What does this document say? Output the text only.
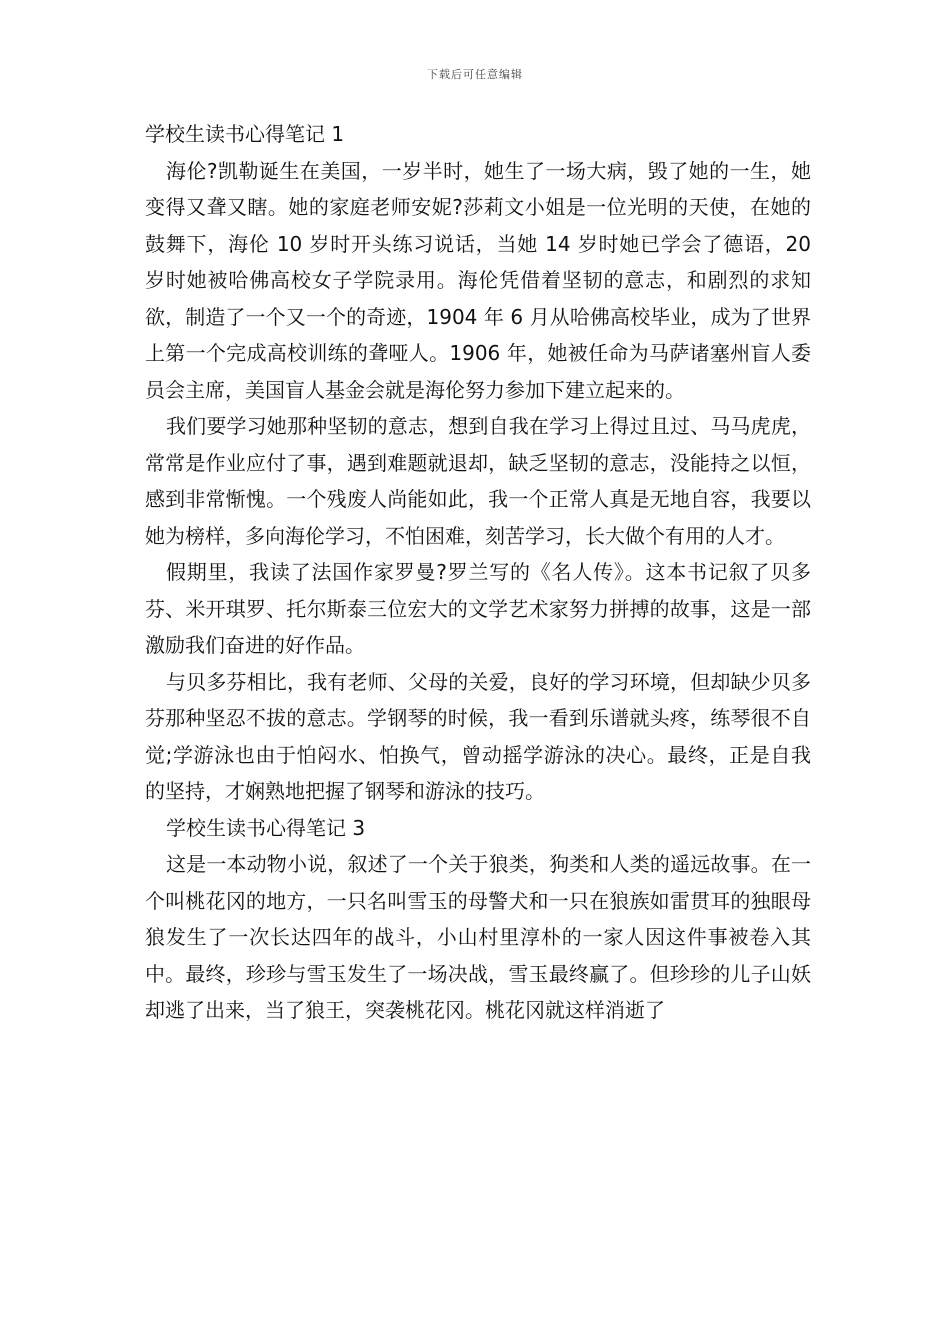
下载后可任意编辑

学校生读书心得笔记 1

海伦?凯勒诞生在美国，一岁半时，她生了一场大病，毁了她的一生，她变得又聋又瞎。她的家庭老师安妮?莎莉文小姐是一位光明的天使，在她的鼓舞下，海伦 10 岁时开头练习说话，当她 14 岁时她已学会了德语，20 岁时她被哈佛高校女子学院录用。海伦凭借着坚韧的意志，和剧烈的求知欲，制造了一个又一个的奇迹，1904 年 6 月从哈佛高校毕业，成为了世界上第一个完成高校训练的聋哑人。1906 年，她被任命为马萨诸塞州盲人委员会主席，美国盲人基金会就是海伦努力参加下建立起来的。

我们要学习她那种坚韧的意志，想到自我在学习上得过且过、马马虎虎，常常是作业应付了事，遇到难题就退却，缺乏坚韧的意志，没能持之以恒，感到非常惭愧。一个残废人尚能如此，我一个正常人真是无地自容，我要以她为榜样，多向海伦学习，不怕困难，刻苦学习，长大做个有用的人才。

假期里，我读了法国作家罗曼?罗兰写的《名人传》。这本书记叙了贝多芬、米开琪罗、托尔斯泰三位宏大的文学艺术家努力拼搏的故事，这是一部激励我们奋进的好作品。

与贝多芬相比，我有老师、父母的关爱，良好的学习环境，但却缺少贝多芬那种坚忍不拔的意志。学钢琴的时候，我一看到乐谱就头疼，练琴很不自觉;学游泳也由于怕闷水、怕换气，曾动摇学游泳的决心。最终，正是自我的坚持，才娴熟地把握了钢琴和游泳的技巧。

学校生读书心得笔记 3

这是一本动物小说，叙述了一个关于狼类，狗类和人类的遥远故事。在一个叫桃花冈的地方，一只名叫雪玉的母警犬和一只在狼族如雷贯耳的独眼母狼发生了一次长达四年的战斗，小山村里淳朴的一家人因这件事被卷入其中。最终，珍珍与雪玉发生了一场决战，雪玉最终赢了。但珍珍的儿子山妖却逃了出来，当了狼王，突袭桃花冈。桃花冈就这样消逝了
